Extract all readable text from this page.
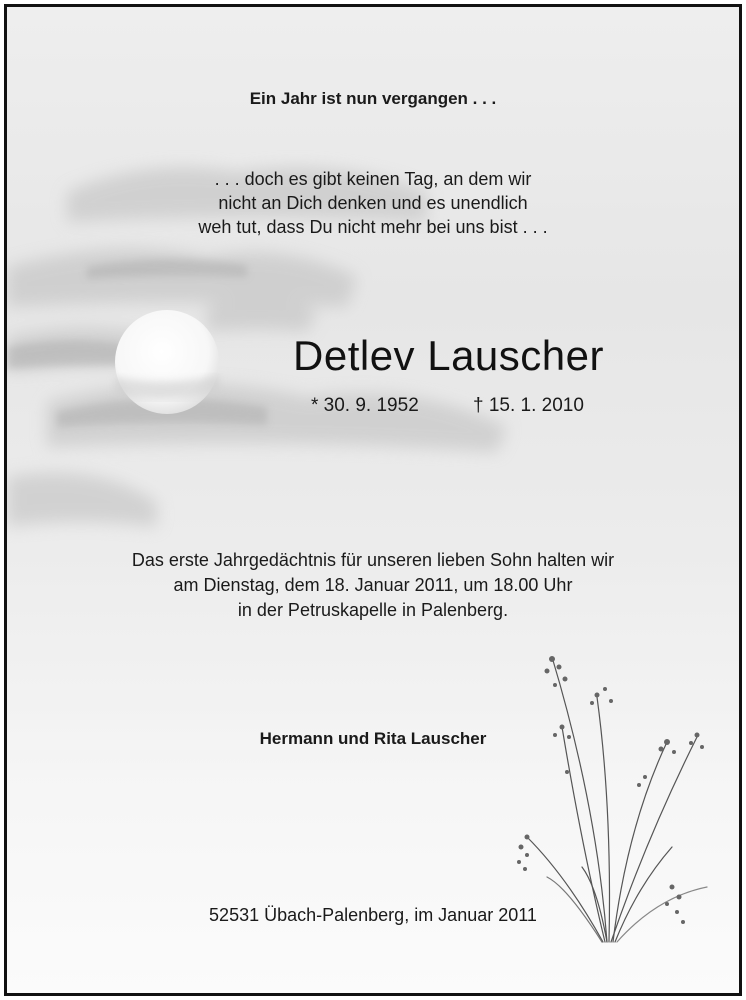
Ein Jahr ist nun vergangen . . .
. . . doch es gibt keinen Tag, an dem wir
nicht an Dich denken und es unendlich
weh tut, dass Du nicht mehr bei uns bist . . .
Detlev Lauscher
* 30. 9. 1952	† 15. 1. 2010
Das erste Jahrgedächtnis für unseren lieben Sohn halten wir
am Dienstag, dem 18. Januar 2011, um 18.00 Uhr
in der Petruskapelle in Palenberg.
Hermann und Rita Lauscher
52531 Übach-Palenberg, im Januar 2011
